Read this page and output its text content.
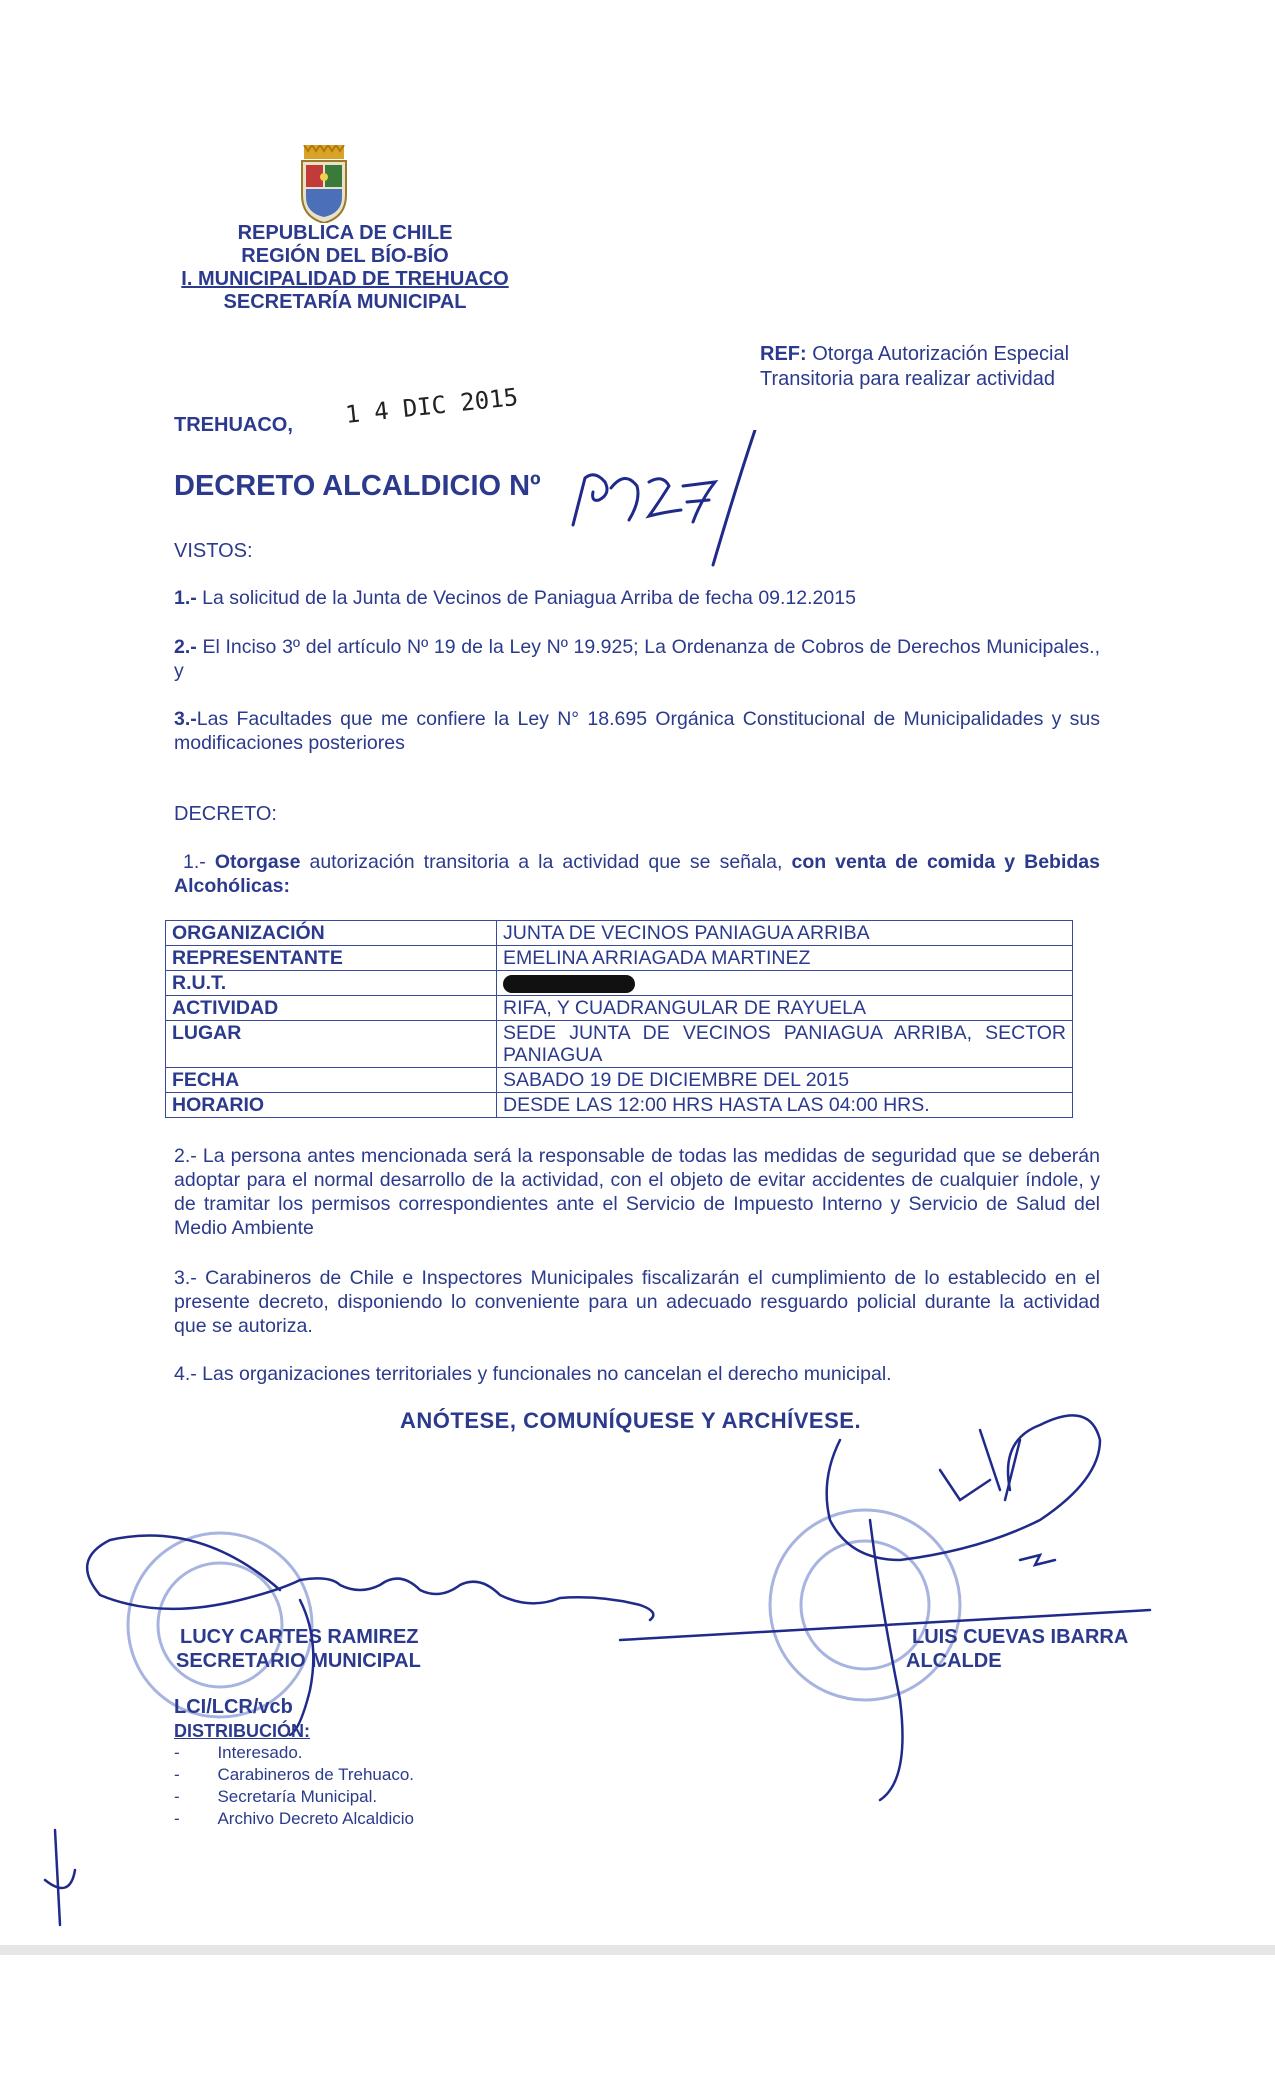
REPUBLICA DE CHILE
REGIÓN DEL BÍO-BÍO
I. MUNICIPALIDAD DE TREHUACO
SECRETARÍA MUNICIPAL
REF: Otorga Autorización Especial Transitoria para realizar actividad
TREHUACO, 1 4 DIC 2015
DECRETO ALCALDICIO Nº
VISTOS:
1.- La solicitud de la Junta de Vecinos de Paniagua Arriba de fecha 09.12.2015
2.- El Inciso 3º del artículo Nº 19 de la Ley Nº 19.925; La Ordenanza de Cobros de Derechos Municipales., y
3.-Las Facultades que me confiere la Ley N° 18.695 Orgánica Constitucional de Municipalidades y sus modificaciones posteriores
DECRETO:
1.- Otorgase autorización transitoria a la actividad que se señala, con venta de comida y Bebidas Alcohólicas:
ORGANIZACIÓN	JUNTA DE VECINOS PANIAGUA ARRIBA
REPRESENTANTE	EMELINA ARRIAGADA MARTINEZ
R.U.T.	
ACTIVIDAD	RIFA, Y CUADRANGULAR DE RAYUELA
LUGAR	SEDE JUNTA DE VECINOS PANIAGUA ARRIBA, SECTOR PANIAGUA
FECHA	SABADO 19 DE DICIEMBRE DEL 2015
HORARIO	DESDE LAS 12:00 HRS HASTA LAS 04:00 HRS.
2.- La persona antes mencionada será la responsable de todas las medidas de seguridad que se deberán adoptar para el normal desarrollo de la actividad, con el objeto de evitar accidentes de cualquier índole, y de tramitar los permisos correspondientes ante el Servicio de Impuesto Interno y Servicio de Salud del Medio Ambiente
3.- Carabineros de Chile e Inspectores Municipales fiscalizarán el cumplimiento de lo establecido en el presente decreto, disponiendo lo conveniente para un adecuado resguardo policial durante la actividad que se autoriza.
4.- Las organizaciones territoriales y funcionales no cancelan el derecho municipal.
ANÓTESE, COMUNÍQUESE Y ARCHÍVESE.
LUCY CARTES RAMIREZ
SECRETARIO MUNICIPAL
LUIS CUEVAS IBARRA
ALCALDE
LCI/LCR/vcb
DISTRIBUCIÓN:
-        Interesado.
-        Carabineros de Trehuaco.
-        Secretaría Municipal.
-        Archivo Decreto Alcaldicio
